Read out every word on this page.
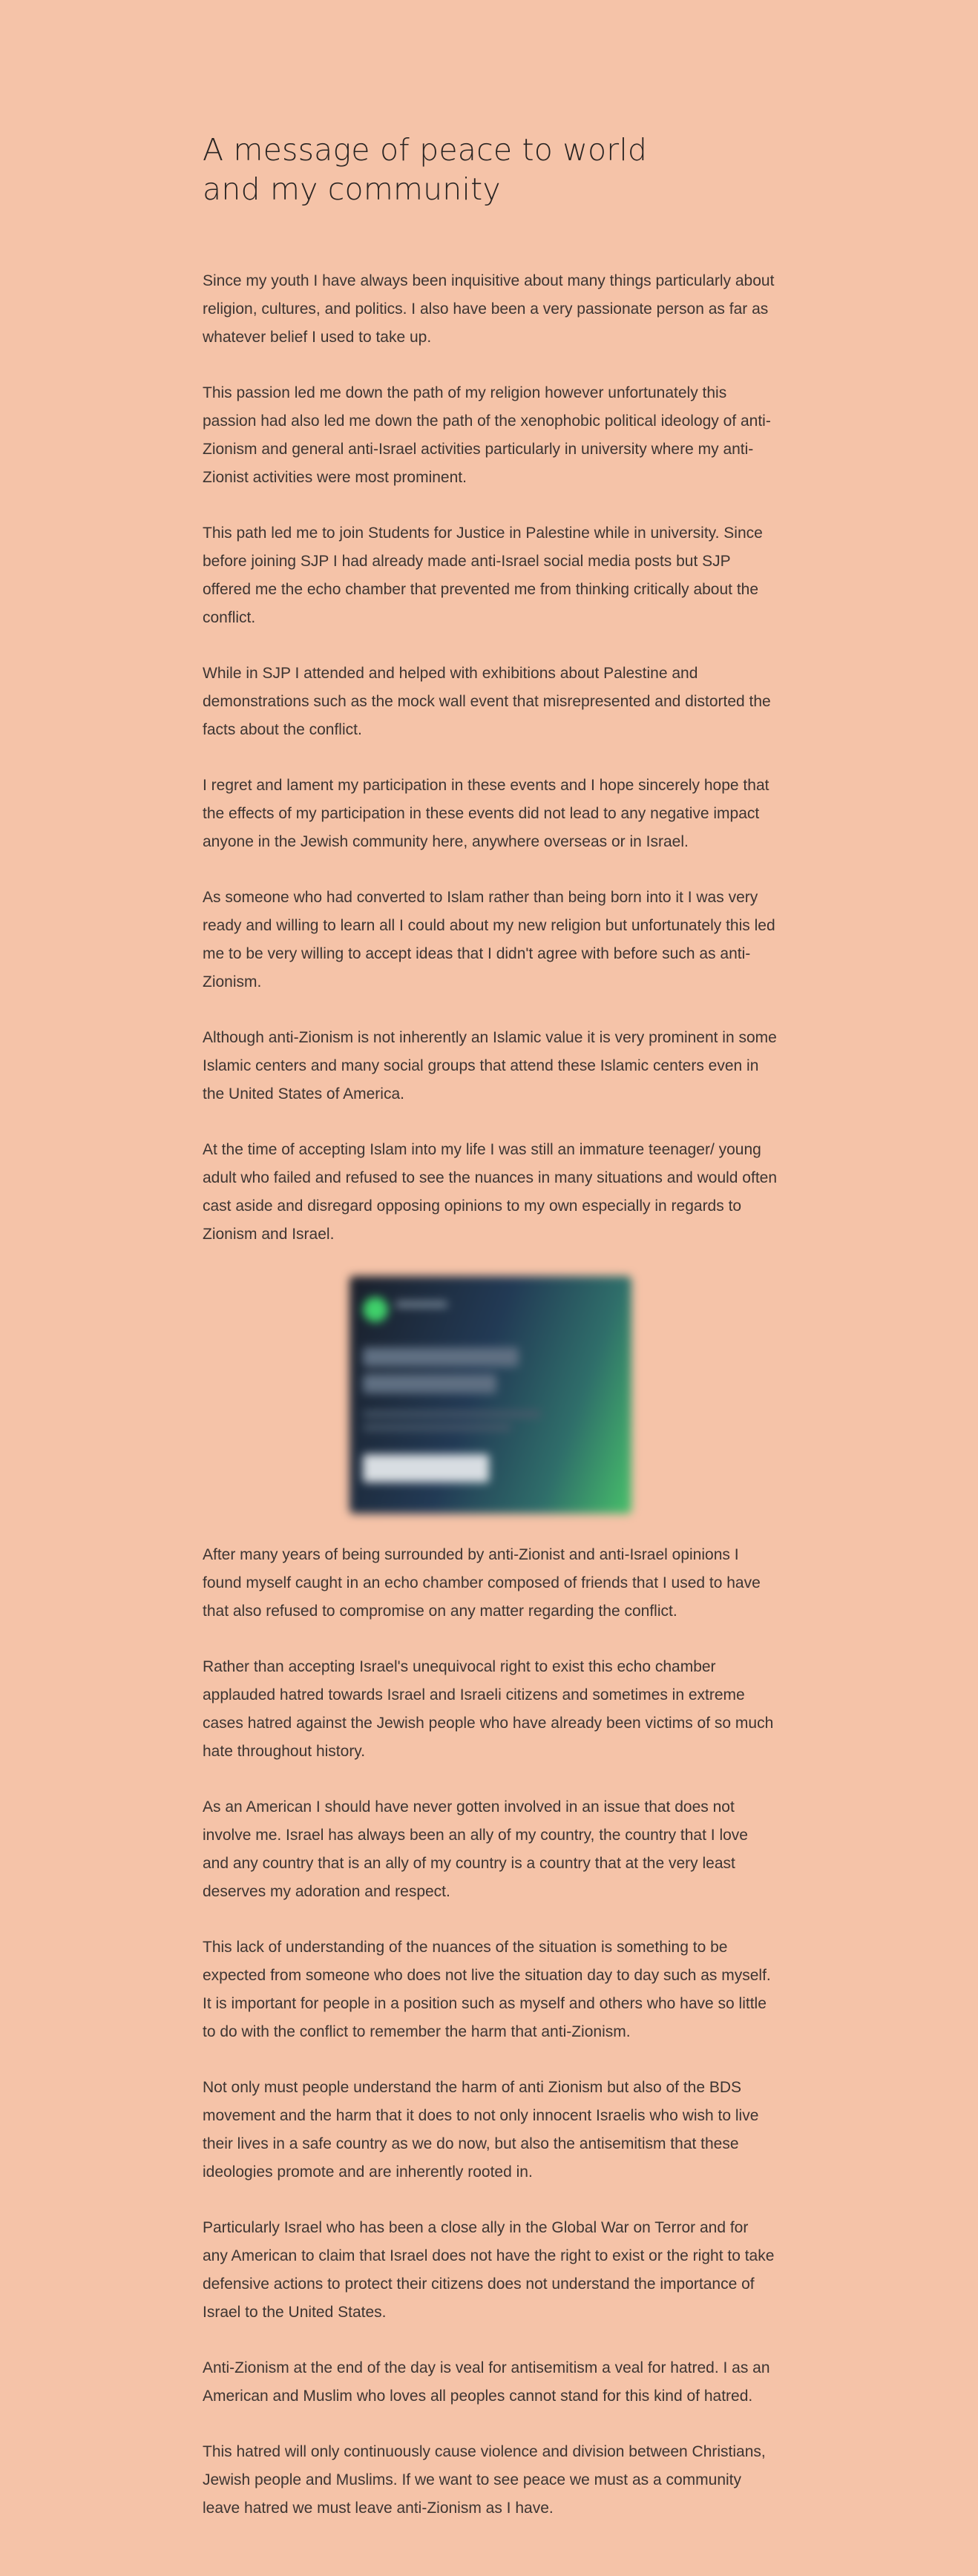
A message of peace to world and my community

Since my youth I have always been inquisitive about many things particularly about religion, cultures, and politics. I also have been a very passionate person as far as whatever belief I used to take up.

This passion led me down the path of my religion however unfortunately this passion had also led me down the path of the xenophobic political ideology of anti-Zionism and general anti-Israel activities particularly in university where my anti-Zionist activities were most prominent.

This path led me to join Students for Justice in Palestine while in university. Since before joining SJP I had already made anti-Israel social media posts but SJP offered me the echo chamber that prevented me from thinking critically about the conflict.

While in SJP I attended and helped with exhibitions about Palestine and demonstrations such as the mock wall event that misrepresented and distorted the facts about the conflict.

I regret and lament my participation in these events and I hope sincerely hope that the effects of my participation in these events did not lead to any negative impact anyone in the Jewish community here, anywhere overseas or in Israel.

As someone who had converted to Islam rather than being born into it I was very ready and willing to learn all I could about my new religion but unfortunately this led me to be very willing to accept ideas that I didn't agree with before such as anti-Zionism.

Although anti-Zionism is not inherently an Islamic value it is very prominent in some Islamic centers and many social groups that attend these Islamic centers even in the United States of America.

At the time of accepting Islam into my life I was still an immature teenager/ young adult who failed and refused to see the nuances in many situations and would often cast aside and disregard opposing opinions to my own especially in regards to Zionism and Israel.

After many years of being surrounded by anti-Zionist and anti-Israel opinions I found myself caught in an echo chamber composed of friends that I used to have that also refused to compromise on any matter regarding the conflict.

Rather than accepting Israel's unequivocal right to exist this echo chamber applauded hatred towards Israel and Israeli citizens and sometimes in extreme cases hatred against the Jewish people who have already been victims of so much hate throughout history.

As an American I should have never gotten involved in an issue that does not involve me. Israel has always been an ally of my country, the country that I love and any country that is an ally of my country is a country that at the very least deserves my adoration and respect.

This lack of understanding of the nuances of the situation is something to be expected from someone who does not live the situation day to day such as myself. It is important for people in a position such as myself and others who have so little to do with the conflict to remember the harm that anti-Zionism.

Not only must people understand the harm of anti Zionism but also of the BDS movement and the harm that it does to not only innocent Israelis who wish to live their lives in a safe country as we do now, but also the antisemitism that these ideologies promote and are inherently rooted in.

Particularly Israel who has been a close ally in the Global War on Terror and for any American to claim that Israel does not have the right to exist or the right to take defensive actions to protect their citizens does not understand the importance of Israel to the United States.

Anti-Zionism at the end of the day is veal for antisemitism a veal for hatred. I as an American and Muslim who loves all peoples cannot stand for this kind of hatred.

This hatred will only continuously cause violence and division between Christians, Jewish people and Muslims. If we want to see peace we must as a community leave hatred we must leave anti-Zionism as I have.
